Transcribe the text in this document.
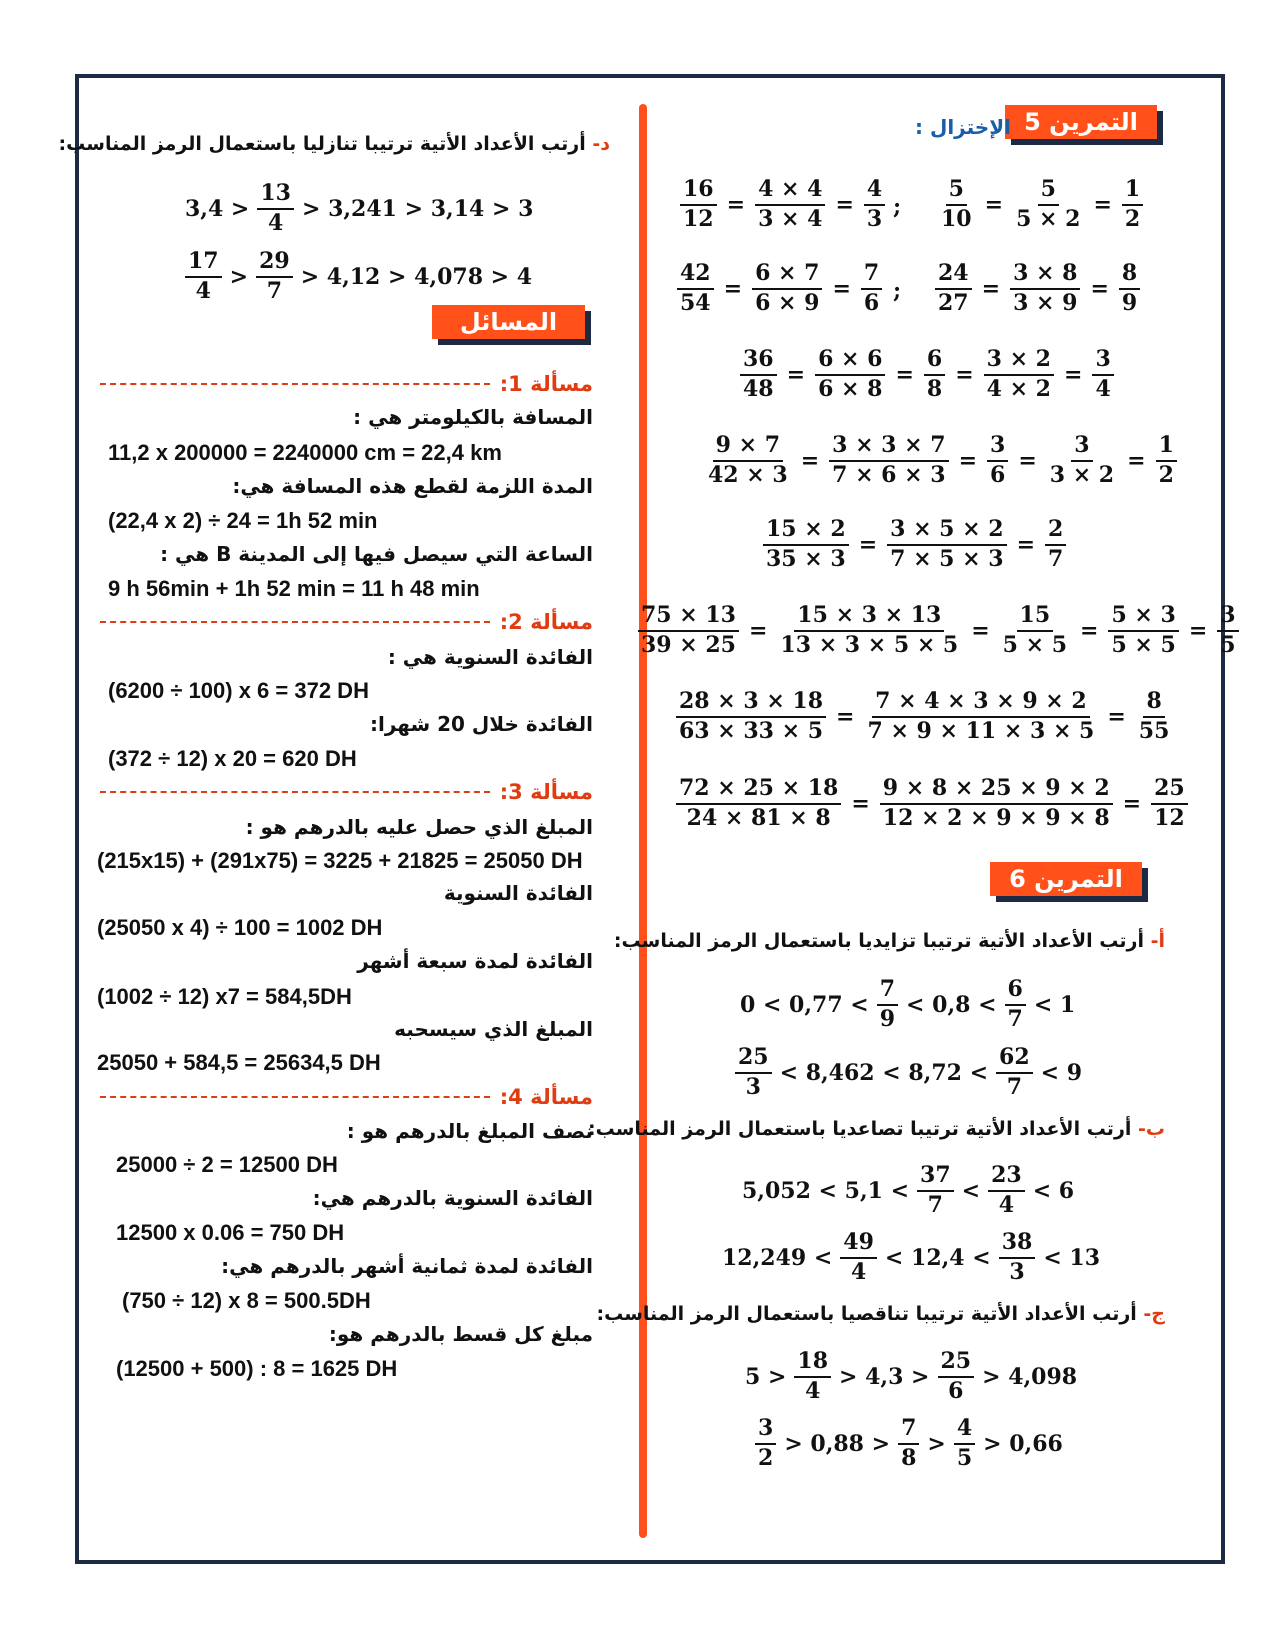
التمرين 5
الإختزال :
$\frac{16}{12} = \frac{4 \times 4}{3 \times 4} = \frac{4}{3}$ ; $\frac{5}{10} = \frac{5}{5 \times 2} = \frac{1}{2}$
$\frac{42}{54} = \frac{6 \times 7}{6 \times 9} = \frac{7}{6}$ ; $\frac{24}{27} = \frac{3 \times 8}{3 \times 9} = \frac{8}{9}$
$\frac{36}{48} = \frac{6 \times 6}{6 \times 8} = \frac{6}{8} = \frac{3 \times 2}{4 \times 2} = \frac{3}{4}$
$\frac{9 \times 7}{42 \times 3} = \frac{3 \times 3 \times 7}{7 \times 6 \times 3} = \frac{3}{6} = \frac{3}{3 \times 2} = \frac{1}{2}$
$\frac{15 \times 2}{35 \times 3} = \frac{3 \times 5 \times 2}{7 \times 5 \times 3} = \frac{2}{7}$
$\frac{75 \times 13}{39 \times 25} = \frac{15 \times 3 \times 13}{13 \times 3 \times 5 \times 5} = \frac{15}{5 \times 5} = \frac{5 \times 3}{5 \times 5} = \frac{3}{5}$
$\frac{28 \times 3 \times 18}{63 \times 33 \times 5} = \frac{7 \times 4 \times 3 \times 9 \times 2}{7 \times 9 \times 11 \times 3 \times 5} = \frac{8}{55}$
$\frac{72 \times 25 \times 18}{24 \times 81 \times 8} = \frac{9 \times 8 \times 25 \times 9 \times 2}{12 \times 2 \times 9 \times 9 \times 8} = \frac{25}{12}$
التمرين 6
أ- أرتب الأعداد الأتية ترتيبا تزايديا باستعمال الرمز المناسب:
$0 < 0,77 < \frac{7}{9} < 0,8 < \frac{6}{7} < 1$
$\frac{25}{3} < 8,462 < 8,72 < \frac{62}{7} < 9$
ب- أرتب الأعداد الأتية ترتيبا تصاعديا باستعمال الرمز المناسب:
$5,052 < 5,1 < \frac{37}{7} < \frac{23}{4} < 6$
$12,249 < \frac{49}{4} < 12,4 < \frac{38}{3} < 13$
ج- أرتب الأعداد الأتية ترتيبا تناقصيا باستعمال الرمز المناسب:
$5 > \frac{18}{4} > 4,3 > \frac{25}{6} > 4,098$
$\frac{3}{2} > 0,88 > \frac{7}{8} > \frac{4}{5} > 0,66$
د- أرتب الأعداد الأتية ترتيبا تنازليا باستعمال الرمز المناسب:
$3,4 > \frac{13}{4} > 3,241 > 3,14 > 3$
$\frac{17}{4} > \frac{29}{7} > 4,12 > 4,078 > 4$
المسائل
مسألة 1:
المسافة بالكيلومتر هي :
11,2 x 200000 = 2240000 cm = 22,4 km
المدة اللزمة لقطع هذه المسافة هي:
(22,4 x 2) ÷ 24 = 1h 52 min
الساعة التي سيصل فيها إلى المدينة B هي :
9 h 56min + 1h 52 min = 11 h 48 min
مسألة 2:
الفائدة السنوية هي :
(6200 ÷ 100) x 6 = 372 DH
الفائدة خلال 20 شهرا:
(372 ÷ 12) x 20 = 620 DH
مسألة 3:
المبلغ الذي حصل عليه بالدرهم هو :
(215x15) + (291x75) = 3225 + 21825 = 25050 DH
الفائدة السنوية
(25050 x 4) ÷ 100 = 1002 DH
الفائدة لمدة سبعة أشهر
(1002 ÷ 12) x7 = 584,5DH
المبلغ الذي سيسحبه
25050 + 584,5 = 25634,5 DH
مسألة 4:
نصف المبلغ بالدرهم هو :
25000 ÷ 2 = 12500 DH
الفائدة السنوية بالدرهم هي:
12500 x 0.06 = 750 DH
الفائدة لمدة ثمانية أشهر بالدرهم هي:
(750 ÷ 12) x 8 = 500.5DH
مبلغ كل قسط بالدرهم هو:
(12500 + 500) : 8 = 1625 DH
